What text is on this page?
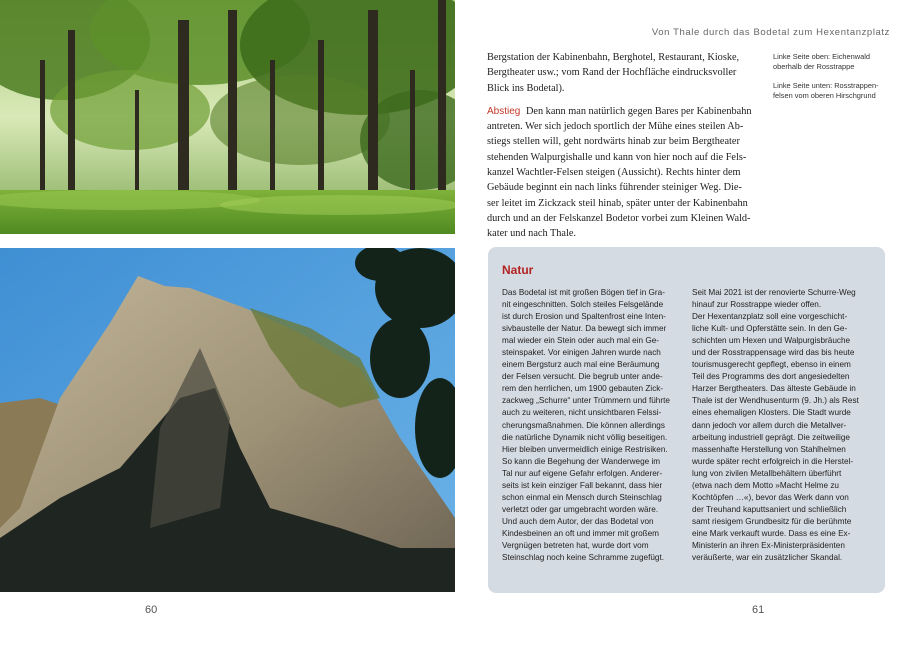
60	61
Von Thale durch das Bodetal zum Hexentanzplatz

Bergstation der Kabinenbahn, Berghotel, Restaurant, Kioske,
Bergtheater usw.; vom Rand der Hochfläche eindrucksvoller
Blick ins Bodetal).

Abstieg Den kann man natürlich gegen Bares per Kabinenbahn
antreten. Wer sich jedoch sportlich der Mühe eines steilen Ab-
stiegs stellen will, geht nordwärts hinab zur beim Bergtheater
stehenden Walpurgishalle und kann von hier noch auf die Fels-
kanzel Wachtler-Felsen steigen (Aussicht). Rechts hinter dem
Gebäude beginnt ein nach links führender steiniger Weg. Die-
ser leitet im Zickzack steil hinab, später unter der Kabinenbahn
durch und an der Felskanzel Bodetor vorbei zum Kleinen Wald-
kater und nach Thale.

Linke Seite oben: Eichenwald oberhalb der Rosstrappe

Linke Seite unten: Rosstrappen-felsen vom oberen Hirschgrund

Natur
Das Bodetal ist mit großen Bögen tief in Gra-
nit eingeschnitten. Solch steiles Felsgelände
ist durch Erosion und Spaltenfrost eine Inten-
sivbaustelle der Natur. Da bewegt sich immer
mal wieder ein Stein oder auch mal ein Ge-
steinspaket. Vor einigen Jahren wurde nach
einem Bergsturz auch mal eine Beräumung
der Felsen versucht. Die begrub unter ande-
rem den herrlichen, um 1900 gebauten Zick-
zackweg „Schurre“ unter Trümmern und führte
auch zu weiteren, nicht unsichtbaren Felssi-
cherungsmaßnahmen. Die können allerdings
die natürliche Dynamik nicht völlig beseitigen.
Hier bleiben unvermeidlich einige Restrisiken.
So kann die Begehung der Wanderwege im
Tal nur auf eigene Gefahr erfolgen. Anderer-
seits ist kein einziger Fall bekannt, dass hier
schon einmal ein Mensch durch Steinschlag
verletzt oder gar umgebracht worden wäre.
Und auch dem Autor, der das Bodetal von
Kindesbeinen an oft und immer mit großem
Vergnügen betreten hat, wurde dort vom
Steinschlag noch keine Schramme zugefügt.
Seit Mai 2021 ist der renovierte Schurre-Weg
hinauf zur Rosstrappe wieder offen.
Der Hexentanzplatz soll eine vorgeschicht-
liche Kult- und Opferstätte sein. In den Ge-
schichten um Hexen und Walpurgisbräuche
und der Rosstrappensage wird das bis heute
tourismusgerecht gepflegt, ebenso in einem
Teil des Programms des dort angesiedelten
Harzer Bergtheaters. Das älteste Gebäude in
Thale ist der Wendhusenturm (9. Jh.) als Rest
eines ehemaligen Klosters. Die Stadt wurde
dann jedoch vor allem durch die Metallver-
arbeitung industriell geprägt. Die zeitweilige
massenhafte Herstellung von Stahlhelmen
wurde später recht erfolgreich in die Herstel-
lung von zivilen Metallbehältern überführt
(etwa nach dem Motto »Macht Helme zu
Kochtöpfen …«), bevor das Werk dann von
der Treuhand kaputtsaniert und schließlich
samt riesigem Grundbesitz für die berühmte
eine Mark verkauft wurde. Dass es eine Ex-
Ministerin an ihren Ex-Ministerpräsidenten
veräußerte, war ein zusätzlicher Skandal.
